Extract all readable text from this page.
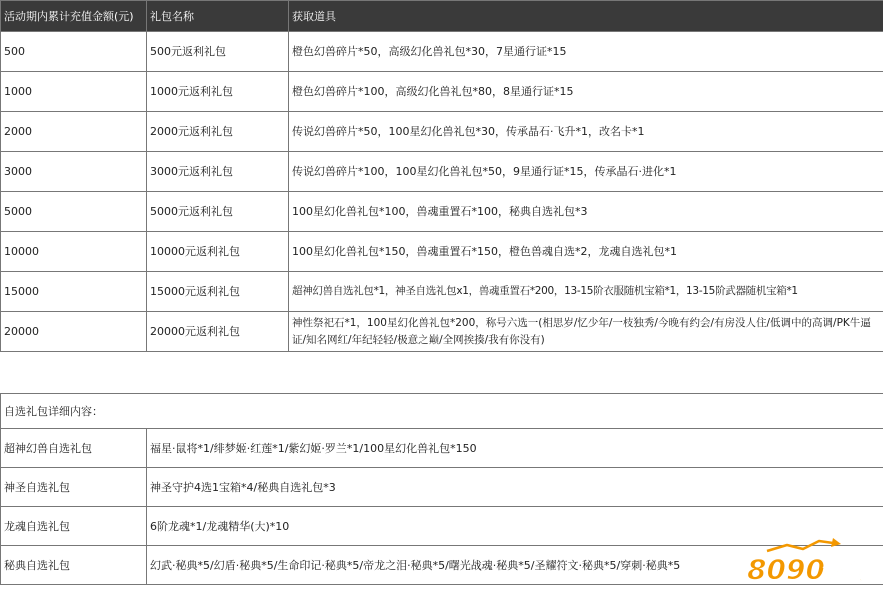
活动期内累计充值金额(元)	礼包名称	获取道具
500	500元返利礼包	橙色幻兽碎片*50，高级幻化兽礼包*30，7星通行证*15
1000	1000元返利礼包	橙色幻兽碎片*100，高级幻化兽礼包*80，8星通行证*15
2000	2000元返利礼包	传说幻兽碎片*50，100星幻化兽礼包*30，传承晶石·飞升*1，改名卡*1
3000	3000元返利礼包	传说幻兽碎片*100，100星幻化兽礼包*50，9星通行证*15，传承晶石·进化*1
5000	5000元返利礼包	100星幻化兽礼包*100，兽魂重置石*100，秘典自选礼包*3
10000	10000元返利礼包	100星幻化兽礼包*150，兽魂重置石*150，橙色兽魂自选*2，龙魂自选礼包*1
15000	15000元返利礼包	超神幻兽自选礼包*1，神圣自选礼包x1，兽魂重置石*200，13-15阶衣服随机宝箱*1，13-15阶武器随机宝箱*1
20000	20000元返利礼包	神性祭祀石*1，100星幻化兽礼包*200，称号六选一(相思岁/忆少年/一枝独秀/今晚有约会/有房没人住/低调中的高调/PK牛逼证/知名网红/年纪轻轻/极意之巅/全网挨揍/我有你没有)
自选礼包详细内容：	
超神幻兽自选礼包	福星·鼠将*1/绯梦姬·红莲*1/紫幻姬·罗兰*1/100星幻化兽礼包*150
神圣自选礼包	神圣守护4选1宝箱*4/秘典自选礼包*3
龙魂自选礼包	6阶龙魂*1/龙魂精华(大)*10
秘典自选礼包	幻武·秘典*5/幻盾·秘典*5/生命印记·秘典*5/帝龙之泪·秘典*5/曙光战魂·秘典*5/圣耀符文·秘典*5/穿刺·秘典*5 8090
游戏
